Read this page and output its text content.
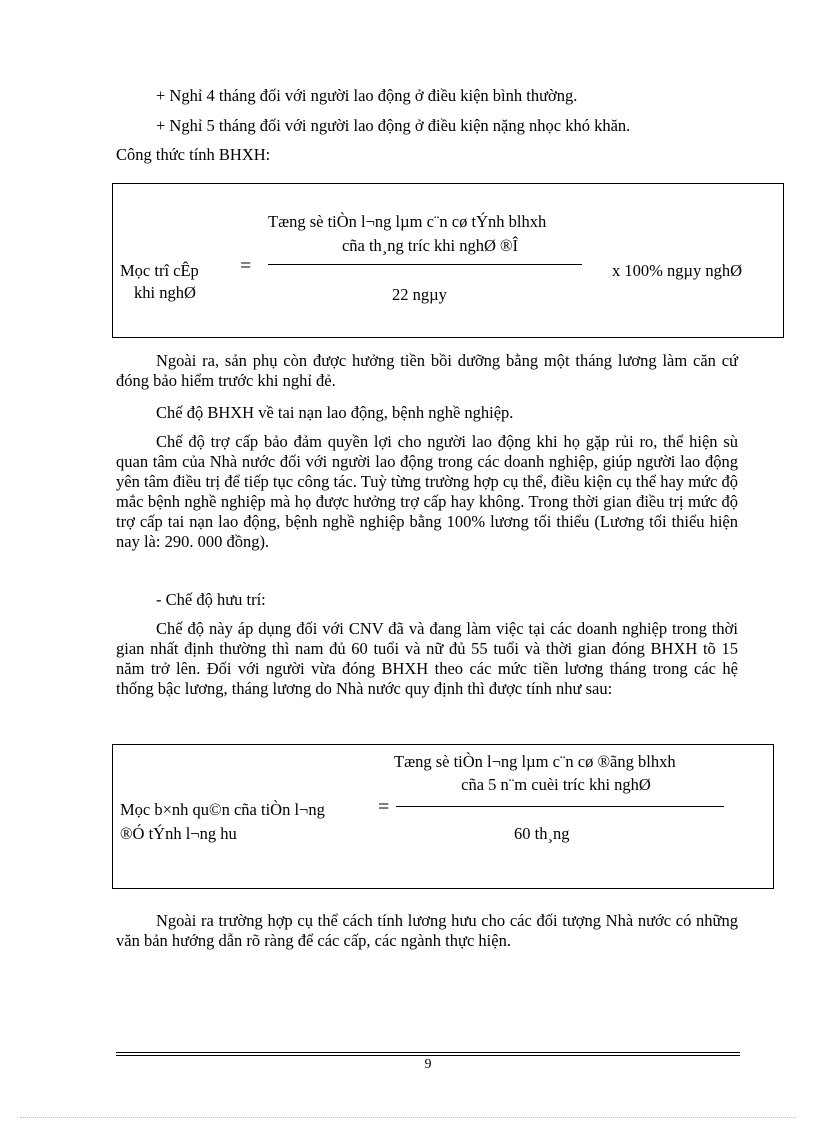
+ Nghỉ 4 tháng đối với người lao động ở điều kiện bình thường.
+ Nghỉ 5 tháng đối với người lao động ở điều kiện nặng nhọc khó khăn.
Công thức tính BHXH:
Tæng sè tiÒn l¬ng lµm c¨n cø tÝnh blhxh
cña th¸ng tríc khi nghØ ®Î
Mọc trî cÊp
khi nghØ
=
22 ngµy
x 100% ngµy nghØ
Ngoài ra, sản phụ còn được hưởng tiền bồi dưỡng bằng một tháng lương làm căn cứ đóng bảo hiểm trước khi nghỉ đẻ.
Chế độ BHXH về tai nạn lao động, bệnh nghề nghiệp.
Chế độ trợ cấp bảo đảm quyền lợi cho người lao động khi họ gặp rủi ro, thể hiện sù quan tâm của Nhà nước đối với người lao động trong các doanh nghiệp, giúp người lao động yên tâm điều trị để tiếp tục công tác. Tuỳ từng trường hợp cụ thể, điều kiện cụ thể hay mức độ mắc bệnh nghề nghiệp mà họ được hưởng trợ cấp hay không. Trong thời gian điều trị mức độ trợ cấp tai nạn lao động, bệnh nghề nghiệp bằng 100% lương tối thiểu (Lương tối thiểu hiện nay là: 290. 000 đồng).
- Chế độ hưu trí:
Chế độ này áp dụng đối với CNV đã và đang làm việc tại các doanh nghiệp trong thời gian nhất định thường thì nam đủ 60 tuổi và nữ đủ 55 tuổi và thời gian đóng BHXH tõ 15 năm trở lên. Đối với người vừa đóng BHXH theo các mức tiền lương tháng trong các hệ thống bậc lương, tháng lương do Nhà nước quy định thì được tính như sau:
Tæng sè tiÒn l¬ng lµm c¨n cø ®ãng blhxh
cña 5 n¨m cuèi tríc khi nghØ
Mọc b×nh qu©n cña tiÒn l¬ng
®Ó tÝnh l¬ng hu
=
60 th¸ng
Ngoài ra trường hợp cụ thể cách tính lương hưu cho các đối tượng Nhà nước có những văn bản hướng dẫn rõ ràng để các cấp, các ngành thực hiện.
9
